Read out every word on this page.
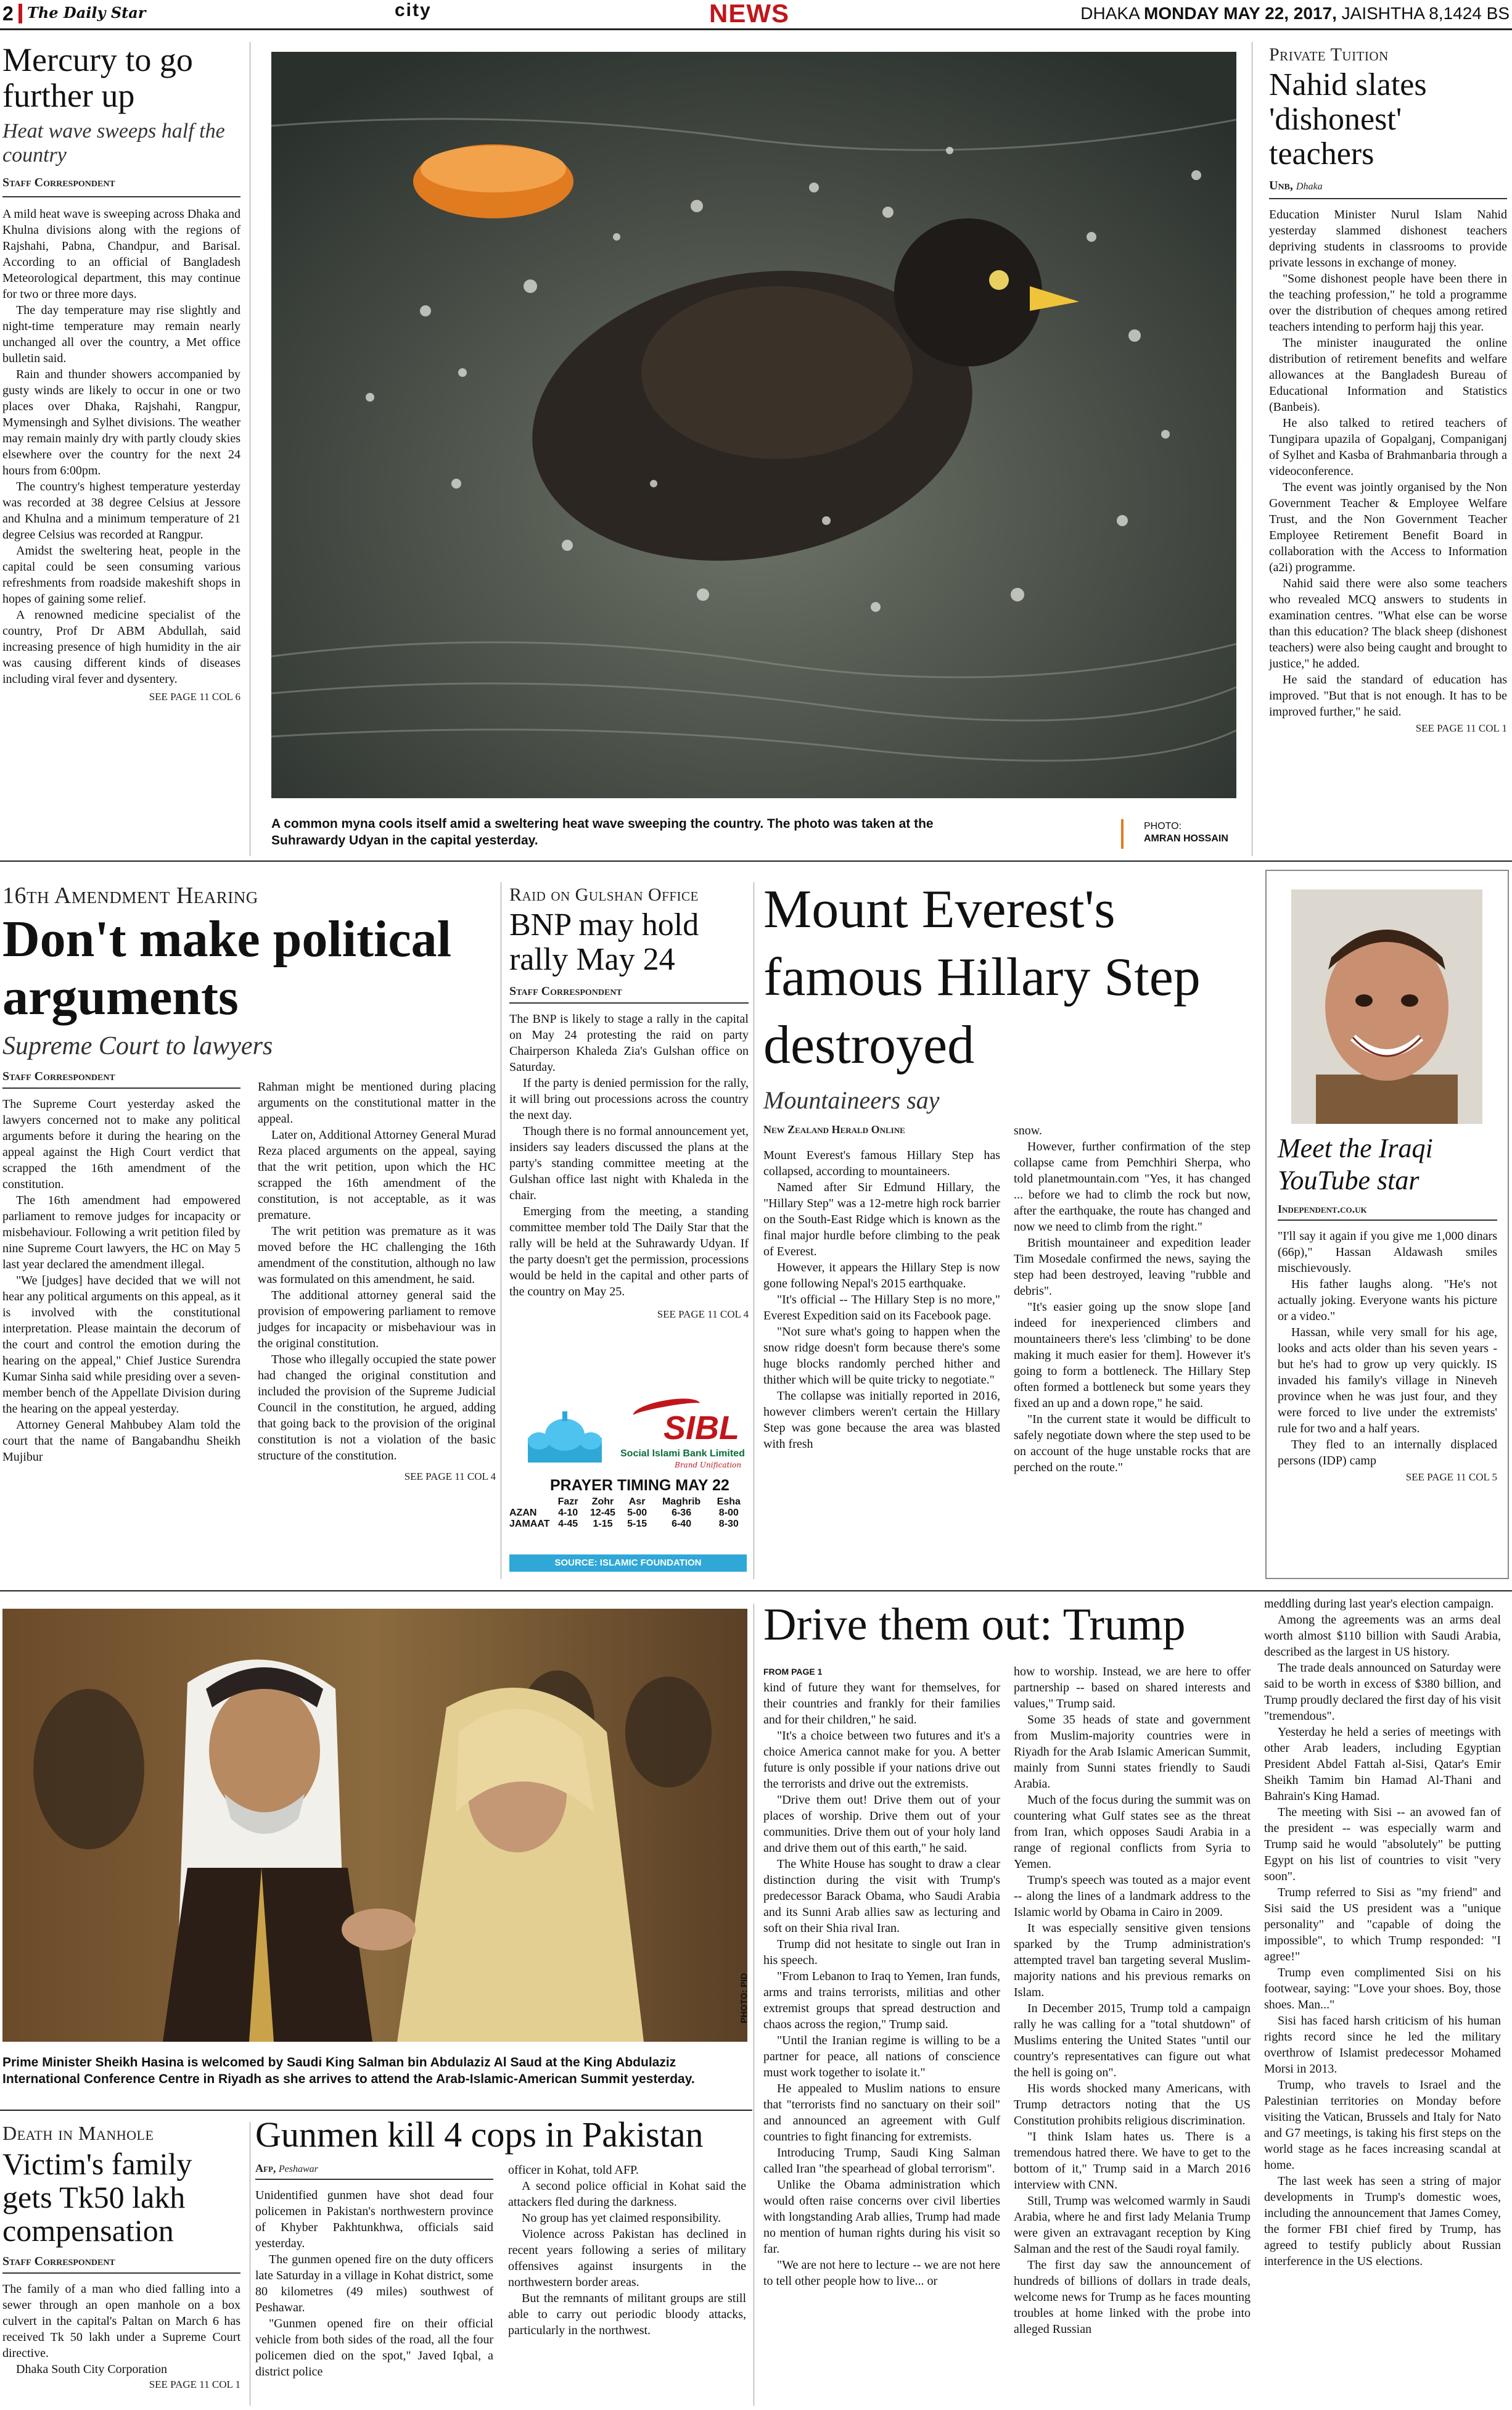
2 The Daily Star	city	NEWS	DHAKA MONDAY MAY 22, 2017, JAISHTHA 8,1424 BS
Mercury to go further up
Heat wave sweeps half the country
Staff Correspondent

A mild heat wave is sweeping across Dhaka and Khulna divisions along with the regions of Rajshahi, Pabna, Chandpur, and Barisal. According to an official of Bangladesh Meteorological department, this may continue for two or three more days.

The day temperature may rise slightly and night-time temperature may remain nearly unchanged all over the country, a Met office bulletin said.

Rain and thunder showers accompanied by gusty winds are likely to occur in one or two places over Dhaka, Rajshahi, Rangpur, Mymensingh and Sylhet divisions. The weather may remain mainly dry with partly cloudy skies elsewhere over the country for the next 24 hours from 6:00pm.

The country's highest temperature yesterday was recorded at 38 degree Celsius at Jessore and Khulna and a minimum temperature of 21 degree Celsius was recorded at Rangpur.

Amidst the sweltering heat, people in the capital could be seen consuming various refreshments from roadside makeshift shops in hopes of gaining some relief.

A renowned medicine specialist of the country, Prof Dr ABM Abdullah, said increasing presence of high humidity in the air was causing different kinds of diseases including viral fever and dysentery.

SEE PAGE 11 COL 6
A common myna cools itself amid a sweltering heat wave sweeping the country. The photo was taken at the Suhrawardy Udyan in the capital yesterday.
PHOTO:
AMRAN HOSSAIN
Private Tuition
Nahid slates 'dishonest' teachers
Unb, Dhaka

Education Minister Nurul Islam Nahid yesterday slammed dishonest teachers depriving students in classrooms to provide private lessons in exchange of money.

"Some dishonest people have been there in the teaching profession," he told a programme over the distribution of cheques among retired teachers intending to perform hajj this year.

The minister inaugurated the online distribution of retirement benefits and welfare allowances at the Bangladesh Bureau of Educational Information and Statistics (Banbeis).

He also talked to retired teachers of Tungipara upazila of Gopalganj, Companiganj of Sylhet and Kasba of Brahmanbaria through a videoconference.

The event was jointly organised by the Non Government Teacher & Employee Welfare Trust, and the Non Government Teacher Employee Retirement Benefit Board in collaboration with the Access to Information (a2i) programme.

Nahid said there were also some teachers who revealed MCQ answers to students in examination centres. "What else can be worse than this education? The black sheep (dishonest teachers) were also being caught and brought to justice," he added.

He said the standard of education has improved. "But that is not enough. It has to be improved further," he said.

SEE PAGE 11 COL 1
16th Amendment Hearing
Don't make political arguments
Supreme Court to lawyers
Staff Correspondent

The Supreme Court yesterday asked the lawyers concerned not to make any political arguments before it during the hearing on the appeal against the High Court verdict that scrapped the 16th amendment of the constitution.

The 16th amendment had empowered parliament to remove judges for incapacity or misbehaviour. Following a writ petition filed by nine Supreme Court lawyers, the HC on May 5 last year declared the amendment illegal.

"We [judges] have decided that we will not hear any political arguments on this appeal, as it is involved with the constitutional interpretation. Please maintain the decorum of the court and control the emotion during the hearing on the appeal," Chief Justice Surendra Kumar Sinha said while presiding over a seven-member bench of the Appellate Division during the hearing on the appeal yesterday.

Attorney General Mahbubey Alam told the court that the name of Bangabandhu Sheikh Mujibur

Rahman might be mentioned during placing arguments on the constitutional matter in the appeal.

Later on, Additional Attorney General Murad Reza placed arguments on the appeal, saying that the writ petition, upon which the HC scrapped the 16th amendment of the constitution, is not acceptable, as it was premature.

The writ petition was premature as it was moved before the HC challenging the 16th amendment of the constitution, although no law was formulated on this amendment, he said.

The additional attorney general said the provision of empowering parliament to remove judges for incapacity or misbehaviour was in the original constitution.

Those who illegally occupied the state power had changed the original constitution and included the provision of the Supreme Judicial Council in the constitution, he argued, adding that going back to the provision of the original constitution is not a violation of the basic structure of the constitution.

SEE PAGE 11 COL 4
Raid on Gulshan Office
BNP may hold rally May 24
Staff Correspondent

The BNP is likely to stage a rally in the capital on May 24 protesting the raid on party Chairperson Khaleda Zia's Gulshan office on Saturday.

If the party is denied permission for the rally, it will bring out processions across the country the next day.

Though there is no formal announcement yet, insiders say leaders discussed the plans at the party's standing committee meeting at the Gulshan office last night with Khaleda in the chair.

Emerging from the meeting, a standing committee member told The Daily Star that the rally will be held at the Suhrawardy Udyan. If the party doesn't get the permission, processions would be held in the capital and other parts of the country on May 25.

SEE PAGE 11 COL 4
SIBL
Social Islami Bank Limited
Brand Unification
PRAYER TIMING MAY 22
	Fazr	Zohr	Asr	Maghrib	Esha
AZAN	4-10	12-45	5-00	6-36	8-00
JAMAAT	4-45	1-15	5-15	6-40	8-30
SOURCE: ISLAMIC FOUNDATION
Mount Everest's famous Hillary Step destroyed
Mountaineers say
New Zealand Herald Online

Mount Everest's famous Hillary Step has collapsed, according to mountaineers.

Named after Sir Edmund Hillary, the "Hillary Step" was a 12-metre high rock barrier on the South-East Ridge which is known as the final major hurdle before climbing to the peak of Everest.

However, it appears the Hillary Step is now gone following Nepal's 2015 earthquake.

"It's official -- The Hillary Step is no more," Everest Expedition said on its Facebook page.

"Not sure what's going to happen when the snow ridge doesn't form because there's some huge blocks randomly perched hither and thither which will be quite tricky to negotiate."

The collapse was initially reported in 2016, however climbers weren't certain the Hillary Step was gone because the area was blasted with fresh

snow.

However, further confirmation of the step collapse came from Pemchhiri Sherpa, who told planetmountain.com "Yes, it has changed ... before we had to climb the rock but now, after the earthquake, the route has changed and now we need to climb from the right."

British mountaineer and expedition leader Tim Mosedale confirmed the news, saying the step had been destroyed, leaving "rubble and debris".

"It's easier going up the snow slope [and indeed for inexperienced climbers and mountaineers there's less 'climbing' to be done making it much easier for them]. However it's going to form a bottleneck. The Hillary Step often formed a bottleneck but some years they fixed an up and a down rope," he said.

"In the current state it would be difficult to safely negotiate down where the step used to be on account of the huge unstable rocks that are perched on the route."

Meet the Iraqi YouTube star
Independent.co.uk

"I'll say it again if you give me 1,000 dinars (66p)," Hassan Aldawash smiles mischievously.

His father laughs along. "He's not actually joking. Everyone wants his picture or a video."

Hassan, while very small for his age, looks and acts older than his seven years - but he's had to grow up very quickly. IS invaded his family's village in Nineveh province when he was just four, and they were forced to live under the extremists' rule for two and a half years.

They fled to an internally displaced persons (IDP) camp

SEE PAGE 11 COL 5
PHOTO: PID
Prime Minister Sheikh Hasina is welcomed by Saudi King Salman bin Abdulaziz Al Saud at the King Abdulaziz International Conference Centre in Riyadh as she arrives to attend the Arab-Islamic-American Summit yesterday.
Drive them out: Trump
FROM PAGE 1

kind of future they want for themselves, for their countries and frankly for their families and for their children," he said.

"It's a choice between two futures and it's a choice America cannot make for you. A better future is only possible if your nations drive out the terrorists and drive out the extremists.

"Drive them out! Drive them out of your places of worship. Drive them out of your communities. Drive them out of your holy land and drive them out of this earth," he said.

The White House has sought to draw a clear distinction during the visit with Trump's predecessor Barack Obama, who Saudi Arabia and its Sunni Arab allies saw as lecturing and soft on their Shia rival Iran.

Trump did not hesitate to single out Iran in his speech.

"From Lebanon to Iraq to Yemen, Iran funds, arms and trains terrorists, militias and other extremist groups that spread destruction and chaos across the region," Trump said.

"Until the Iranian regime is willing to be a partner for peace, all nations of conscience must work together to isolate it."

He appealed to Muslim nations to ensure that "terrorists find no sanctuary on their soil" and announced an agreement with Gulf countries to fight financing for extremists.

Introducing Trump, Saudi King Salman called Iran "the spearhead of global terrorism".

Unlike the Obama administration which would often raise concerns over civil liberties with longstanding Arab allies, Trump had made no mention of human rights during his visit so far.

"We are not here to lecture -- we are not here to tell other people how to live... or

how to worship. Instead, we are here to offer partnership -- based on shared interests and values," Trump said.

Some 35 heads of state and government from Muslim-majority countries were in Riyadh for the Arab Islamic American Summit, mainly from Sunni states friendly to Saudi Arabia.

Much of the focus during the summit was on countering what Gulf states see as the threat from Iran, which opposes Saudi Arabia in a range of regional conflicts from Syria to Yemen.

Trump's speech was touted as a major event -- along the lines of a landmark address to the Islamic world by Obama in Cairo in 2009.

It was especially sensitive given tensions sparked by the Trump administration's attempted travel ban targeting several Muslim-majority nations and his previous remarks on Islam.

In December 2015, Trump told a campaign rally he was calling for a "total shutdown" of Muslims entering the United States "until our country's representatives can figure out what the hell is going on".

His words shocked many Americans, with Trump detractors noting that the US Constitution prohibits religious discrimination.

"I think Islam hates us. There is a tremendous hatred there. We have to get to the bottom of it," Trump said in a March 2016 interview with CNN.

Still, Trump was welcomed warmly in Saudi Arabia, where he and first lady Melania Trump were given an extravagant reception by King Salman and the rest of the Saudi royal family.

The first day saw the announcement of hundreds of billions of dollars in trade deals, welcome news for Trump as he faces mounting troubles at home linked with the probe into alleged Russian

meddling during last year's election campaign.

Among the agreements was an arms deal worth almost $110 billion with Saudi Arabia, described as the largest in US history.

The trade deals announced on Saturday were said to be worth in excess of $380 billion, and Trump proudly declared the first day of his visit "tremendous".

Yesterday he held a series of meetings with other Arab leaders, including Egyptian President Abdel Fattah al-Sisi, Qatar's Emir Sheikh Tamim bin Hamad Al-Thani and Bahrain's King Hamad.

The meeting with Sisi -- an avowed fan of the president -- was especially warm and Trump said he would "absolutely" be putting Egypt on his list of countries to visit "very soon".

Trump referred to Sisi as "my friend" and Sisi said the US president was a "unique personality" and "capable of doing the impossible", to which Trump responded: "I agree!"

Trump even complimented Sisi on his footwear, saying: "Love your shoes. Boy, those shoes. Man..."

Sisi has faced harsh criticism of his human rights record since he led the military overthrow of Islamist predecessor Mohamed Morsi in 2013.

Trump, who travels to Israel and the Palestinian territories on Monday before visiting the Vatican, Brussels and Italy for Nato and G7 meetings, is taking his first steps on the world stage as he faces increasing scandal at home.

The last week has seen a string of major developments in Trump's domestic woes, including the announcement that James Comey, the former FBI chief fired by Trump, has agreed to testify publicly about Russian interference in the US elections.

Death in Manhole
Victim's family gets Tk50 lakh compensation
Staff Correspondent

The family of a man who died falling into a sewer through an open manhole on a box culvert in the capital's Paltan on March 6 has received Tk 50 lakh under a Supreme Court directive.

Dhaka South City Corporation

SEE PAGE 11 COL 1
Gunmen kill 4 cops in Pakistan
Afp, Peshawar

Unidentified gunmen have shot dead four policemen in Pakistan's northwestern province of Khyber Pakhtunkhwa, officials said yesterday.

The gunmen opened fire on the duty officers late Saturday in a village in Kohat district, some 80 kilometres (49 miles) southwest of Peshawar.

"Gunmen opened fire on their official vehicle from both sides of the road, all the four policemen died on the spot," Javed Iqbal, a district police

officer in Kohat, told AFP.

A second police official in Kohat said the attackers fled during the darkness.

No group has yet claimed responsibility.

Violence across Pakistan has declined in recent years following a series of military offensives against insurgents in the northwestern border areas.

But the remnants of militant groups are still able to carry out periodic bloody attacks, particularly in the northwest.
